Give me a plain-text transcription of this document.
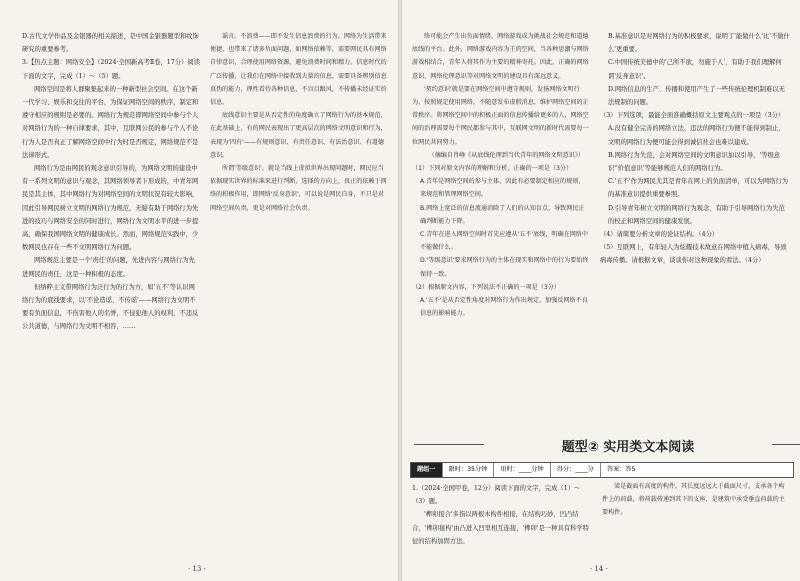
D.古代文学作品及金银器的相关描述，是中国金银器题型和纹饰研究的重要参考。

3.【热点主题：网络安全】（2024·全国新高考Ⅱ卷，17分）阅读下面的文字，完成（1）～（5）题。

网络空间是将人群聚集起来的一种新型社会空间。在这个新一代学习、娱乐和交往的平台，为保证网络空间的秩序，制定和遵守相应的规则是必要的。网络行为规范即网络空间中参与个人对网络行为的一种自律要求，其中，互联网公民的参与个人不论行为人是否真正了解网络空间中行为时是否规定，网络规范不是法律形式。

网络行为是由网民的观念意识引导的，为网络文明的建设中有一系列文明的意识与观念，其网络领导者下形成的，中青年网民是其主体，其中网络行为对网络空间的文明状况有较大影响，因此引导网民树立文明的网络行为规范，无疑有助于网络行为先进的技巧与网络安全的同时进行，网络行为文明水平的进一步提高，确保我国网络文明的健康成长。然而，网络规范实践中，少数网民也存在一些不文明网络行为问题。

网络规范主要是一个'责任'的问题，先进内容与网络行为先进网民的责任，这是一种积极的态度。

但纳粹主义带网络行为泛行为的行为方，如'五不'等认识网络行为的底线要求，以'不论造谣、不传谣'——网络行为文明不要有负面信息，不伤害他人的名誉，不侵犯他人的权利，不违反公共道德，与网络行为文明不相容，……

谣言。不浪费——即不发生信息浪费的行为。网络为生活带来便捷，也带来了诸多负面问题，如网络依赖等，需要网民具有网络自律意识，合理使用网络资源，避免浪费时间和精力。信息时代的广泛传播，让我们在网络中接收到大量的信息，需要具备辨别信息真伪的能力，理性看待各种信息，不盲目跟风，不传播未经证实的信息。

底线意识主要是从否定性的角度确立了网络行为的基本规范，在此基础上，有的网民表现出了更高层次的网络文明意识和行为，表现为'四有'——有规则意识、有责任意识、有法治意识、有道德意识。

所谓'等级意识'，就是当线上虚拟世界出现问题时，网民应当依据现实世界的标准来进行判断，选择的方向上，真正的依赖于网络的积极作用，即网络'反身意识'，可以说是网民自身，不只是对网络空间负责，更是对网络社会负责。

· 13 ·

络可能会产生出负面情绪，网络游戏成为挑战社会规范和道德底线的平台。此外，网络游戏内容为王的空间，当各种思潮与网络游戏相结合，青年人将其作为主要的精神寄托。因此，正确的网络意识、网络伦理意识等对网络文明的建设具有深远意义。

'契约意识'就是要在网络空间中遵守规则，发扬网络文明行为，按照规定使用网络，不随意发布虚假消息，维护网络空间的正常秩序。将网络空间中的积极正面的信息传播给更多的人，网络空间的治理需要每个网民都参与其中，互联网文明的新时代需要每一位网民共同努力。

（摘编自肖峰《从底线伦理到当代青年的网络文明意识》）

（1）下列对原文内容的理解和分析，正确的一项是（3分）

A.青年是网络空间的参与主体，因此有必要制定相应的规则，来规范和管理网络空间。

B.网络上宽泛的信息流通消除了人们的认知盲点，导致网民正确判断能力下降。

C.青年在进入网络空间时首先应遵从'五不'底线，明确在网络中不能做什么。

D.'等级意识'要求网络行为的主体在现实和网络中的行为要始终保持一致。

（2）根据原文内容，下列说法不正确的一项是（3分）

A.'五不'是从否定性角度对网络行为作出规定，加强反网络不良信息的影响能力。

B.基准意识是对网络行为的积极要求，说明了'能做什么'比'不做什么'更重要。

C.中国传统美德中的'己所不欲，勿施于人'，有助于我们理解何谓'反身意识'。

D.网络信息的生产、传播和使用产生了一些传统伦理机制难以无法规制的问题。

（3）下列选项，最能全面准确概括原文主要观点的一项是（3分）

A.没有健全完善的网络立法，违法的网络行为便不能得到制止，文明的网络行为便可能会得到诚信社会也难以建成。

B.网络行为失范，会对网络空间的文明意识加以引导，'等级意识''价值意识'等能够规范人们的网络行为。

C.'五不'作为网民尤其是青年在网上的负面清单，可以为网络行为的基准意识提供重要参照。

D.引导青年树立文明的网络行为观念，有助于引导网络行为失范的校正和网络空间的健康发展。

（4）请简要分析文章的论证结构。（4分）

（5）互联网上，有年轻人为炫耀技术故意在网络中植入病毒，导致病毒传播。请根据文章，谈谈你对这种现象的看法。（4分）

· 14 ·
题型② 实用类文本阅读
题组一	限时：35分钟	用时：____分钟	得分：____分	答案：答5

1.（2024·全国甲卷，12分）阅读下面的文字，完成（1）～（3）题。

'榫卯接合'多指以两根木构件相接，在结构巧妙，凹凸结合，'榫卯接构'由凸进入凹里相互连接，'榫卯'是一种具有科学特征的结构加固方法。

梁是截面有高度的构件，其长度远远大于截面尺寸，支承各个构件上的荷载，将荷载传递到其下的支座，是建筑中承受垂直荷载的主要构件。
